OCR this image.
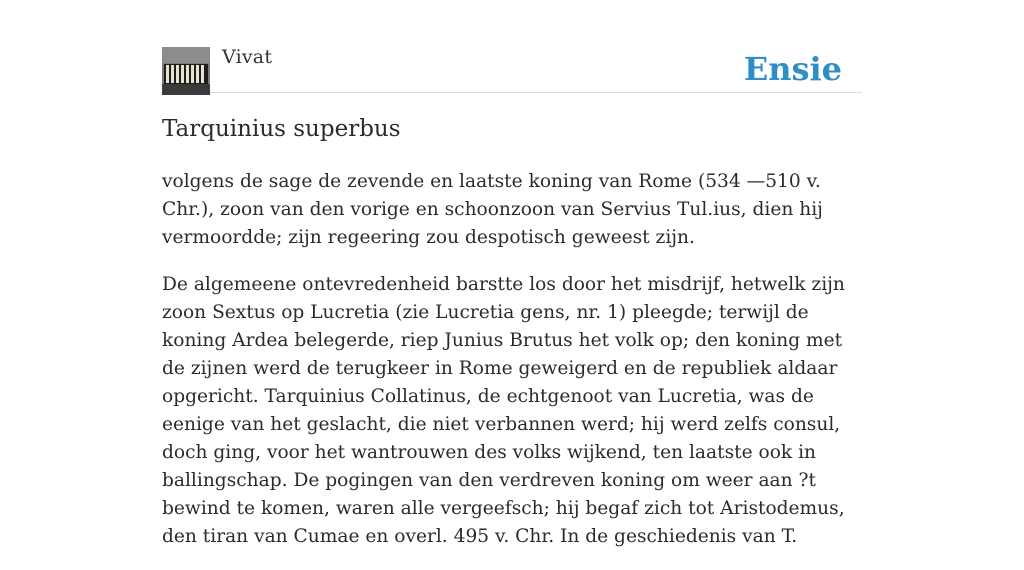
Vivat	Ensie
Tarquinius superbus

volgens de sage de zevende en laatste koning van Rome (534 —510 v. Chr.), zoon van den vorige en schoonzoon van Servius Tul.ius, dien hij vermoordde; zijn regeering zou despotisch geweest zijn.

De algemeene ontevredenheid barstte los door het misdrijf, hetwelk zijn zoon Sextus op Lucretia (zie Lucretia gens, nr. 1) pleegde; terwijl de koning Ardea belegerde, riep Junius Brutus het volk op; den koning met de zijnen werd de terugkeer in Rome geweigerd en de republiek aldaar opgericht. Tarquinius Collatinus, de echtgenoot van Lucretia, was de eenige van het geslacht, die niet verbannen werd; hij werd zelfs consul, doch ging, voor het wantrouwen des volks wijkend, ten laatste ook in ballingschap. De pogingen van den verdreven koning om weer aan ?t bewind te komen, waren alle vergeefsch; hij begaf zich tot Aristodemus, den tiran van Cumae en overl. 495 v. Chr. In de geschiedenis van T.
